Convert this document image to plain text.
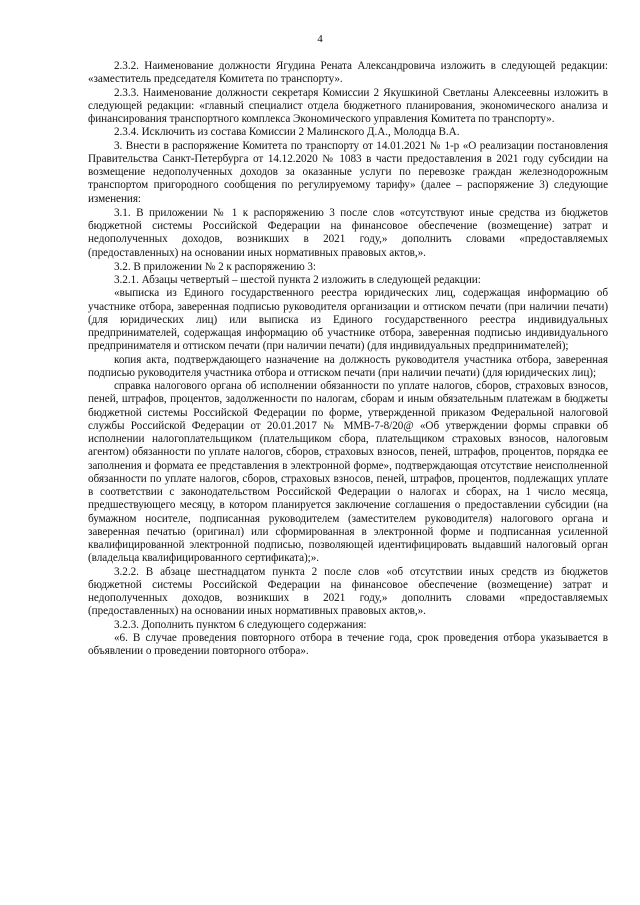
4

2.3.2. Наименование должности Ягудина Рената Александровича изложить в следующей редакции: «заместитель председателя Комитета по транспорту».

2.3.3. Наименование должности секретаря Комиссии 2 Якушкиной Светланы Алексеевны изложить в следующей редакции: «главный специалист отдела бюджетного планирования, экономического анализа и финансирования транспортного комплекса Экономического управления Комитета по транспорту».

2.3.4. Исключить из состава Комиссии 2 Малинского Д.А., Молодца В.А.

3. Внести в распоряжение Комитета по транспорту от 14.01.2021 № 1-р «О реализации постановления Правительства Санкт-Петербурга от 14.12.2020 № 1083 в части предоставления в 2021 году субсидии на возмещение недополученных доходов за оказанные услуги по перевозке граждан железнодорожным транспортом пригородного сообщения по регулируемому тарифу» (далее – распоряжение 3) следующие изменения:

3.1. В приложении № 1 к распоряжению 3 после слов «отсутствуют иные средства из бюджетов бюджетной системы Российской Федерации на финансовое обеспечение (возмещение) затрат и недополученных доходов, возникших в 2021 году,» дополнить словами «предоставляемых (предоставленных) на основании иных нормативных правовых актов,».

3.2. В приложении № 2 к распоряжению 3:

3.2.1. Абзацы четвертый – шестой пункта 2 изложить в следующей редакции:

«выписка из Единого государственного реестра юридических лиц, содержащая информацию об участнике отбора, заверенная подписью руководителя организации и оттиском печати (при наличии печати) (для юридических лиц) или выписка из Единого государственного реестра индивидуальных предпринимателей, содержащая информацию об участнике отбора, заверенная подписью индивидуального предпринимателя и оттиском печати (при наличии печати) (для индивидуальных предпринимателей);

копия акта, подтверждающего назначение на должность руководителя участника отбора, заверенная подписью руководителя участника отбора и оттиском печати (при наличии печати) (для юридических лиц);

справка налогового органа об исполнении обязанности по уплате налогов, сборов, страховых взносов, пеней, штрафов, процентов, задолженности по налогам, сборам и иным обязательным платежам в бюджеты бюджетной системы Российской Федерации по форме, утвержденной приказом Федеральной налоговой службы Российской Федерации от 20.01.2017 № ММВ-7-8/20@ «Об утверждении формы справки об исполнении налогоплательщиком (плательщиком сбора, плательщиком страховых взносов, налоговым агентом) обязанности по уплате налогов, сборов, страховых взносов, пеней, штрафов, процентов, порядка ее заполнения и формата ее представления в электронной форме», подтверждающая отсутствие неисполненной обязанности по уплате налогов, сборов, страховых взносов, пеней, штрафов, процентов, подлежащих уплате в соответствии с законодательством Российской Федерации о налогах и сборах, на 1 число месяца, предшествующего месяцу, в котором планируется заключение соглашения о предоставлении субсидии (на бумажном носителе, подписанная руководителем (заместителем руководителя) налогового органа и заверенная печатью (оригинал) или сформированная в электронной форме и подписанная усиленной квалифицированной электронной подписью, позволяющей идентифицировать выдавший налоговый орган (владельца квалифицированного сертификата);».

3.2.2. В абзаце шестнадцатом пункта 2 после слов «об отсутствии иных средств из бюджетов бюджетной системы Российской Федерации на финансовое обеспечение (возмещение) затрат и недополученных доходов, возникших в 2021 году,» дополнить словами «предоставляемых (предоставленных) на основании иных нормативных правовых актов,».

3.2.3. Дополнить пунктом 6 следующего содержания:

«6. В случае проведения повторного отбора в течение года, срок проведения отбора указывается в объявлении о проведении повторного отбора».
